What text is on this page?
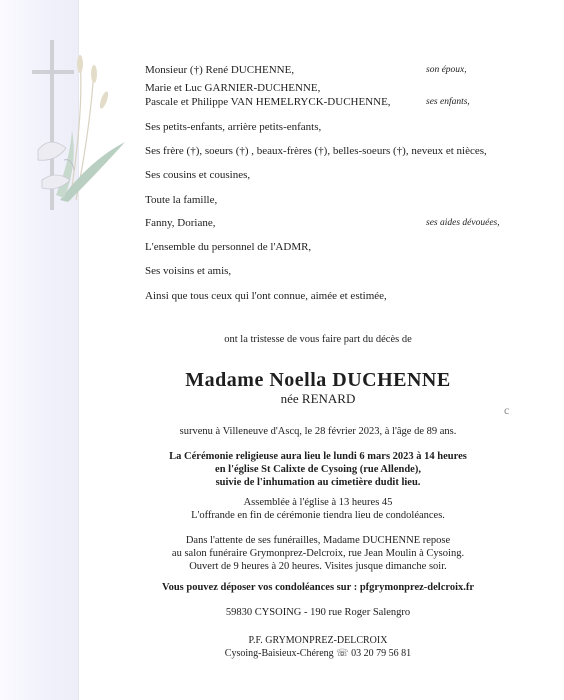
Monsieur (†) René DUCHENNE,	son époux,
Marie et Luc GARNIER-DUCHENNE,
Pascale et Philippe VAN HEMELRYCK-DUCHENNE,	ses enfants,
Ses petits-enfants, arrière petits-enfants,
Ses frère (†), soeurs (†) , beaux-frères (†), belles-soeurs (†), neveux et nièces,
Ses cousins et cousines,
Toute la famille,
Fanny, Doriane,	ses aides dévouées,
L'ensemble du personnel de l'ADMR,
Ses voisins et amis,
Ainsi que tous ceux qui l'ont connue, aimée et estimée,
ont la tristesse de vous faire part du décès de
Madame Noella DUCHENNE
née RENARD
c
survenu à Villeneuve d'Ascq, le 28 février 2023, à l'âge de 89 ans.
La Cérémonie religieuse aura lieu le lundi 6 mars 2023 à 14 heures
en l'église St Calixte de Cysoing (rue Allende),
suivie de l'inhumation au cimetière dudit lieu.
Assemblée à l'église à 13 heures 45
L'offrande en fin de cérémonie tiendra lieu de condoléances.
Dans l'attente de ses funérailles, Madame DUCHENNE repose
au salon funéraire Grymonprez-Delcroix, rue Jean Moulin à Cysoing.
Ouvert de 9 heures à 20 heures. Visites jusque dimanche soir.
Vous pouvez déposer vos condoléances sur : pfgrymonprez-delcroix.fr
59830 CYSOING - 190 rue Roger Salengro
P.F. GRYMONPREZ-DELCROIX
Cysoing-Baisieux-Chéreng ☏ 03 20 79 56 81
